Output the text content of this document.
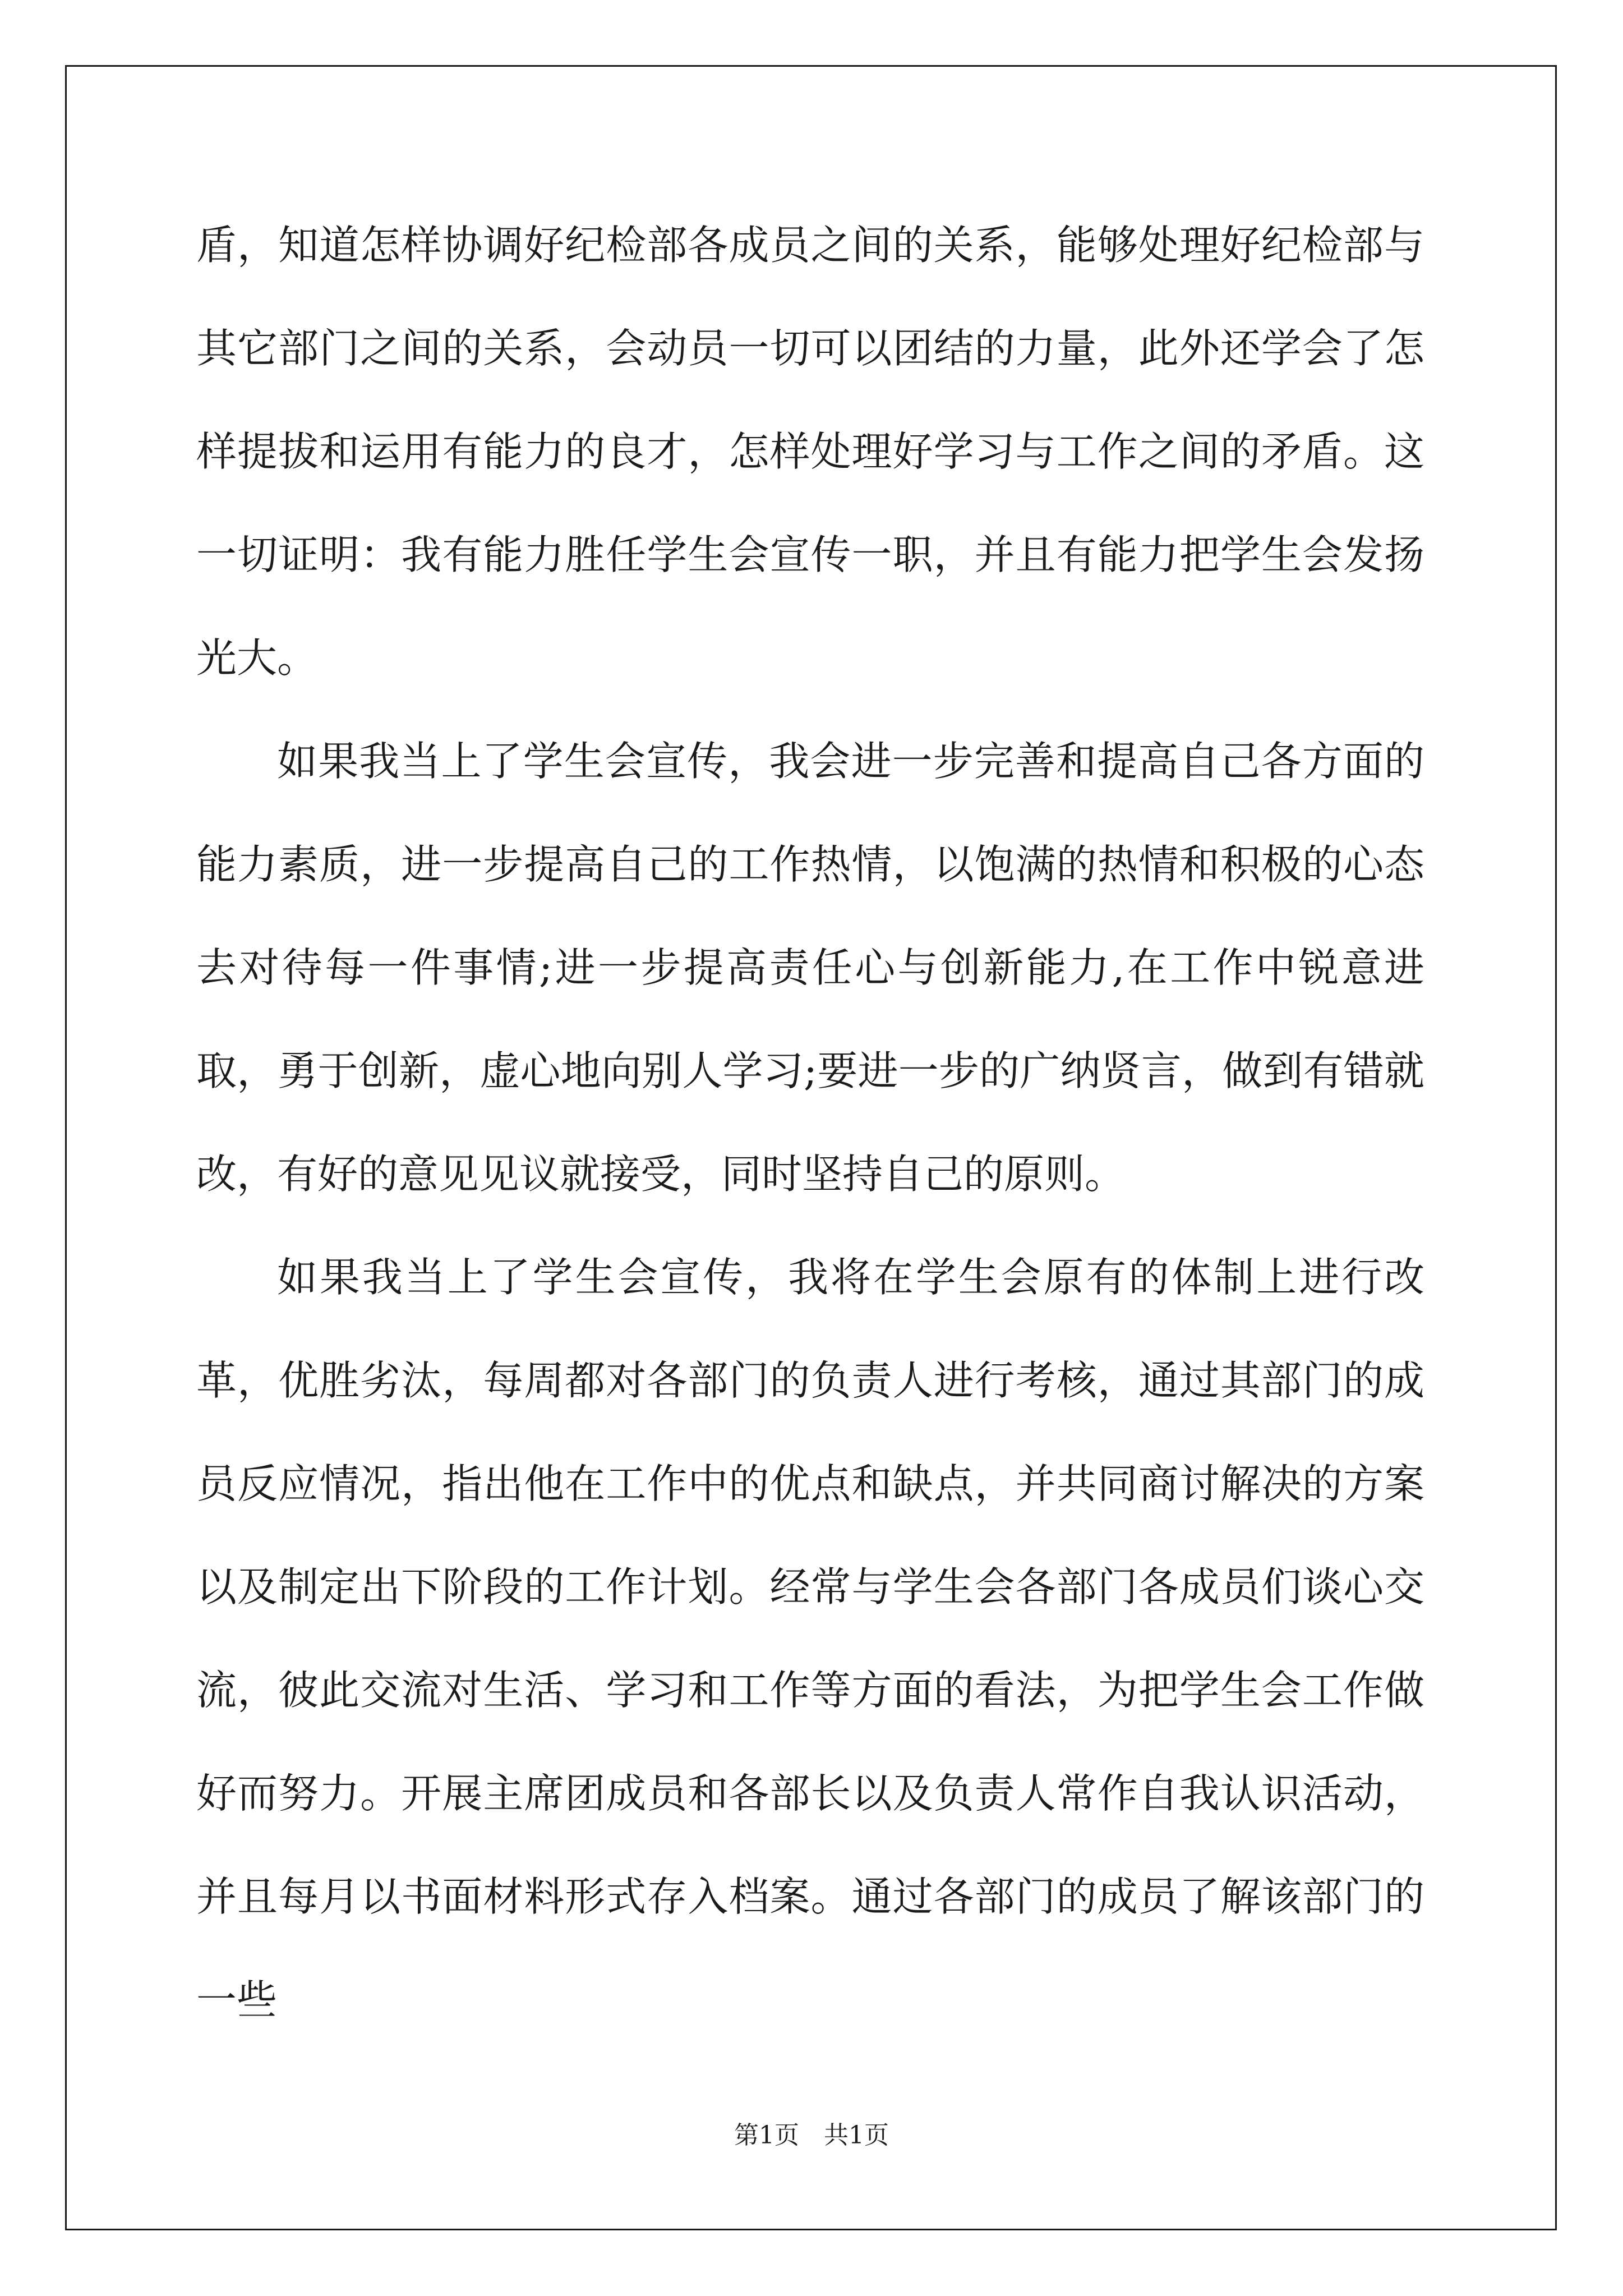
盾，知道怎样协调好纪检部各成员之间的关系，能够处理好纪检部与其它部门之间的关系，会动员一切可以团结的力量，此外还学会了怎样提拔和运用有能力的良才，怎样处理好学习与工作之间的矛盾。这一切证明：我有能力胜任学生会宣传一职，并且有能力把学生会发扬光大。

如果我当上了学生会宣传，我会进一步完善和提高自己各方面的能力素质，进一步提高自己的工作热情，以饱满的热情和积极的心态去对待每一件事情;进一步提高责任心与创新能力,在工作中锐意进取，勇于创新，虚心地向别人学习;要进一步的广纳贤言，做到有错就改，有好的意见见议就接受，同时坚持自己的原则。

如果我当上了学生会宣传，我将在学生会原有的体制上进行改革，优胜劣汰，每周都对各部门的负责人进行考核，通过其部门的成员反应情况，指出他在工作中的优点和缺点，并共同商讨解决的方案以及制定出下阶段的工作计划。经常与学生会各部门各成员们谈心交流，彼此交流对生活、学习和工作等方面的看法，为把学生会工作做好而努力。开展主席团成员和各部长以及负责人常作自我认识活动，并且每月以书面材料形式存入档案。通过各部门的成员了解该部门的一些

第1页　共1页
